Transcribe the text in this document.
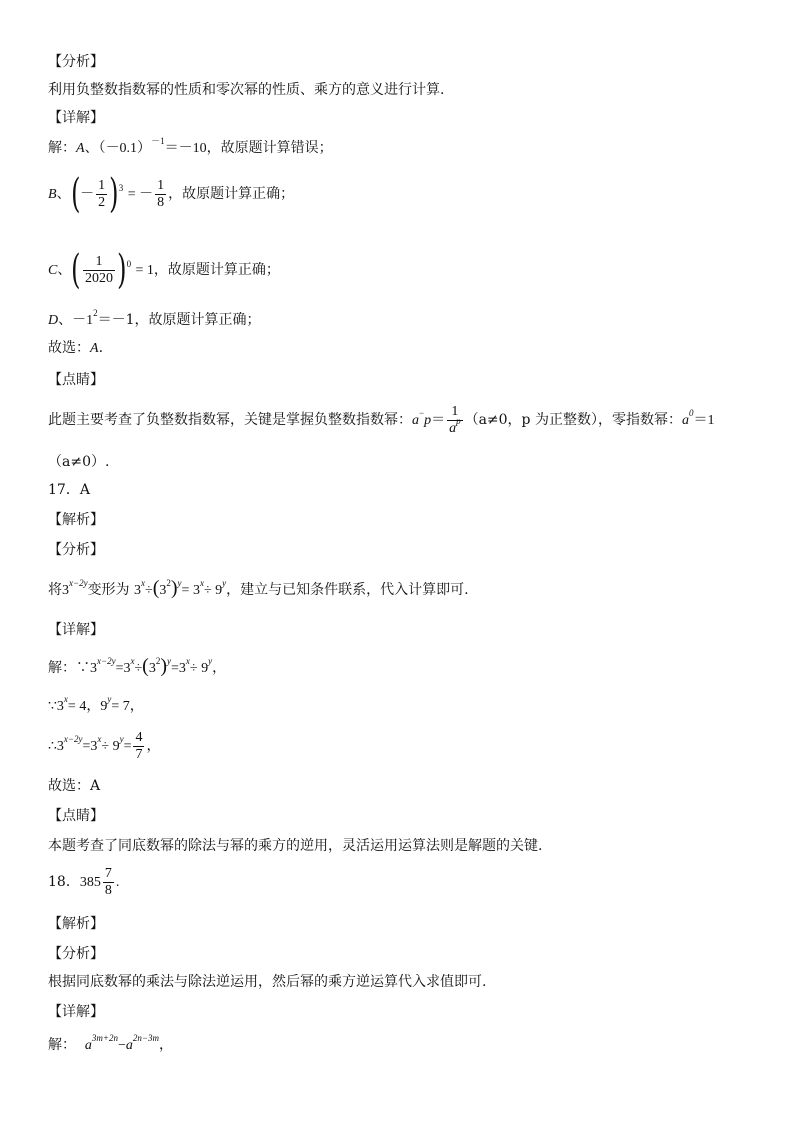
【分析】
利用负整数指数幂的性质和零次幂的性质、乘方的意义进行计算.
【详解】
解：A、$(-0.1)^{-1}=-10$，故原题计算错误；
B、(－ $\frac{1}{2} )3$ = － $\frac{1}{8}$ ，故原题计算正确；
C、( $\frac{1}{2020} )0 = 1$，故原题计算正确；
D、$-1^2=-1$，故原题计算正确；
故选：A.
【点睛】
此题主要考查了负整数指数幂，关键是掌握负整数指数幂：$a^-p= \frac{1}{a^p} (a\ne 0$，p 为正整数），零指数幂：$a^0=1$
（a≠0）.
17．A
【解析】
【分析】
将$3^{x-2y}$变形为 $3^x\div(3^2)^y= 3^x\div 9^y$，建立与已知条件联系，代入计算即可.
【详解】
解：$\because 3^{x-2y}=3^x\div(3^2)^y=3^x\div 9^y$，
$\because 3^x= 4$，$9^y= 7$，
$\therefore 3^{x-2y}=3^x\div 9^y= \frac{4}{7}$ ，
故选：A
【点睛】
本题考查了同底数幂的除法与幂的乘方的逆用，灵活运用运算法则是解题的关键.
18．$385 \frac{7}{8}$ .
【解析】
【分析】
根据同底数幂的乘法与除法逆运用，然后幂的乘方逆运算代入求值即可.
【详解】
解： $a^{3m+2n}-a^{2n-3m}$，
